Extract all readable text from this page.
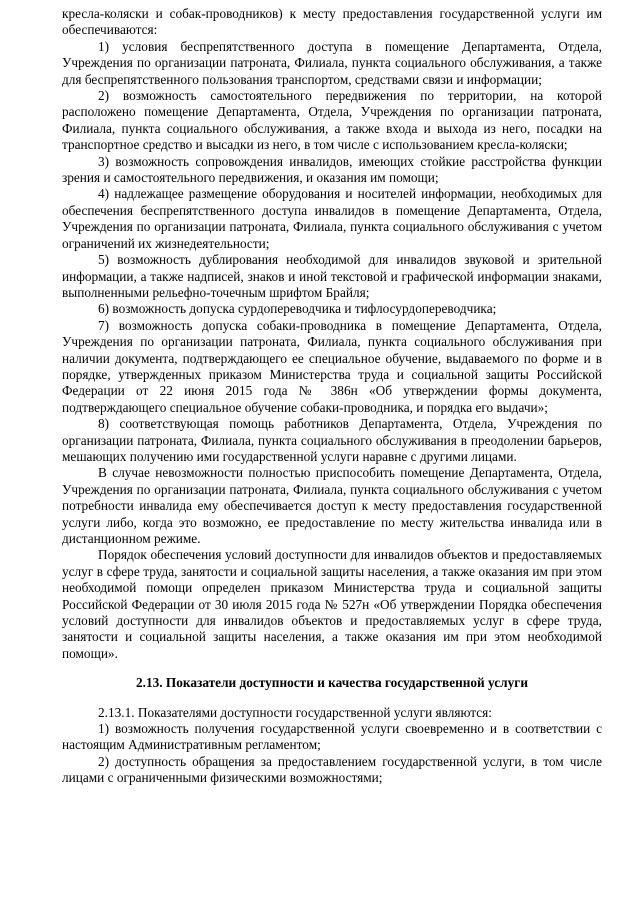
кресла-коляски и собак-проводников) к месту предоставления государственной услуги им обеспечиваются:

1) условия беспрепятственного доступа в помещение Департамента, Отдела, Учреждения по организации патроната, Филиала, пункта социального обслуживания, а также для беспрепятственного пользования транспортом, средствами связи и информации;

2) возможность самостоятельного передвижения по территории, на которой расположено помещение Департамента, Отдела, Учреждения по организации патроната, Филиала, пункта социального обслуживания, а также входа и выхода из него, посадки на транспортное средство и высадки из него, в том числе с использованием кресла-коляски;

3) возможность сопровождения инвалидов, имеющих стойкие расстройства функции зрения и самостоятельного передвижения, и оказания им помощи;

4) надлежащее размещение оборудования и носителей информации, необходимых для обеспечения беспрепятственного доступа инвалидов в помещение Департамента, Отдела, Учреждения по организации патроната, Филиала, пункта социального обслуживания с учетом ограничений их жизнедеятельности;

5) возможность дублирования необходимой для инвалидов звуковой и зрительной информации, а также надписей, знаков и иной текстовой и графической информации знаками, выполненными рельефно-точечным шрифтом Брайля;

6) возможность допуска сурдопереводчика и тифлосурдопереводчика;

7) возможность допуска собаки-проводника в помещение Департамента, Отдела, Учреждения по организации патроната, Филиала, пункта социального обслуживания при наличии документа, подтверждающего ее специальное обучение, выдаваемого по форме и в порядке, утвержденных приказом Министерства труда и социальной защиты Российской Федерации от 22 июня 2015 года № 386н «Об утверждении формы документа, подтверждающего специальное обучение собаки-проводника, и порядка его выдачи»;

8) соответствующая помощь работников Департамента, Отдела, Учреждения по организации патроната, Филиала, пункта социального обслуживания в преодолении барьеров, мешающих получению ими государственной услуги наравне с другими лицами.

В случае невозможности полностью приспособить помещение Департамента, Отдела, Учреждения по организации патроната, Филиала, пункта социального обслуживания с учетом потребности инвалида ему обеспечивается доступ к месту предоставления государственной услуги либо, когда это возможно, ее предоставление по месту жительства инвалида или в дистанционном режиме.

Порядок обеспечения условий доступности для инвалидов объектов и предоставляемых услуг в сфере труда, занятости и социальной защиты населения, а также оказания им при этом необходимой помощи определен приказом Министерства труда и социальной защиты Российской Федерации от 30 июля 2015 года № 527н «Об утверждении Порядка обеспечения условий доступности для инвалидов объектов и предоставляемых услуг в сфере труда, занятости и социальной защиты населения, а также оказания им при этом необходимой помощи».

2.13. Показатели доступности и качества государственной услуги

2.13.1. Показателями доступности государственной услуги являются:

1) возможность получения государственной услуги своевременно и в соответствии с настоящим Административным регламентом;

2) доступность обращения за предоставлением государственной услуги, в том числе лицами с ограниченными физическими возможностями;
